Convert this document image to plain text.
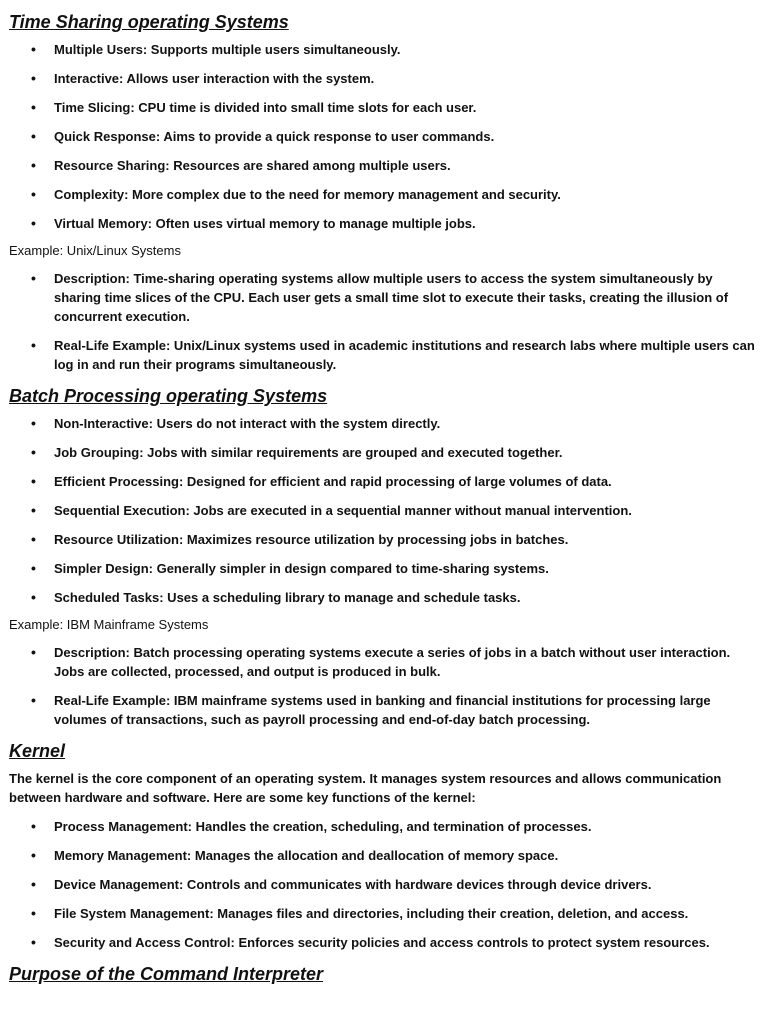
Time Sharing operating Systems
• Multiple Users: Supports multiple users simultaneously.
• Interactive: Allows user interaction with the system.
• Time Slicing: CPU time is divided into small time slots for each user.
• Quick Response: Aims to provide a quick response to user commands.
• Resource Sharing: Resources are shared among multiple users.
• Complexity: More complex due to the need for memory management and security.
• Virtual Memory: Often uses virtual memory to manage multiple jobs.
Example: Unix/Linux Systems
• Description: Time-sharing operating systems allow multiple users to access the system simultaneously by sharing time slices of the CPU. Each user gets a small time slot to execute their tasks, creating the illusion of concurrent execution.
• Real-Life Example: Unix/Linux systems used in academic institutions and research labs where multiple users can log in and run their programs simultaneously.
Batch Processing operating Systems
• Non-Interactive: Users do not interact with the system directly.
• Job Grouping: Jobs with similar requirements are grouped and executed together.
• Efficient Processing: Designed for efficient and rapid processing of large volumes of data.
• Sequential Execution: Jobs are executed in a sequential manner without manual intervention.
• Resource Utilization: Maximizes resource utilization by processing jobs in batches.
• Simpler Design: Generally simpler in design compared to time-sharing systems.
• Scheduled Tasks: Uses a scheduling library to manage and schedule tasks.
Example: IBM Mainframe Systems
• Description: Batch processing operating systems execute a series of jobs in a batch without user interaction. Jobs are collected, processed, and output is produced in bulk.
• Real-Life Example: IBM mainframe systems used in banking and financial institutions for processing large volumes of transactions, such as payroll processing and end-of-day batch processing.
Kernel

The kernel is the core component of an operating system. It manages system resources and allows communication between hardware and software. Here are some key functions of the kernel:

• Process Management: Handles the creation, scheduling, and termination of processes.
• Memory Management: Manages the allocation and deallocation of memory space.
• Device Management: Controls and communicates with hardware devices through device drivers.
• File System Management: Manages files and directories, including their creation, deletion, and access.
• Security and Access Control: Enforces security policies and access controls to protect system resources.
Purpose of the Command Interpreter
